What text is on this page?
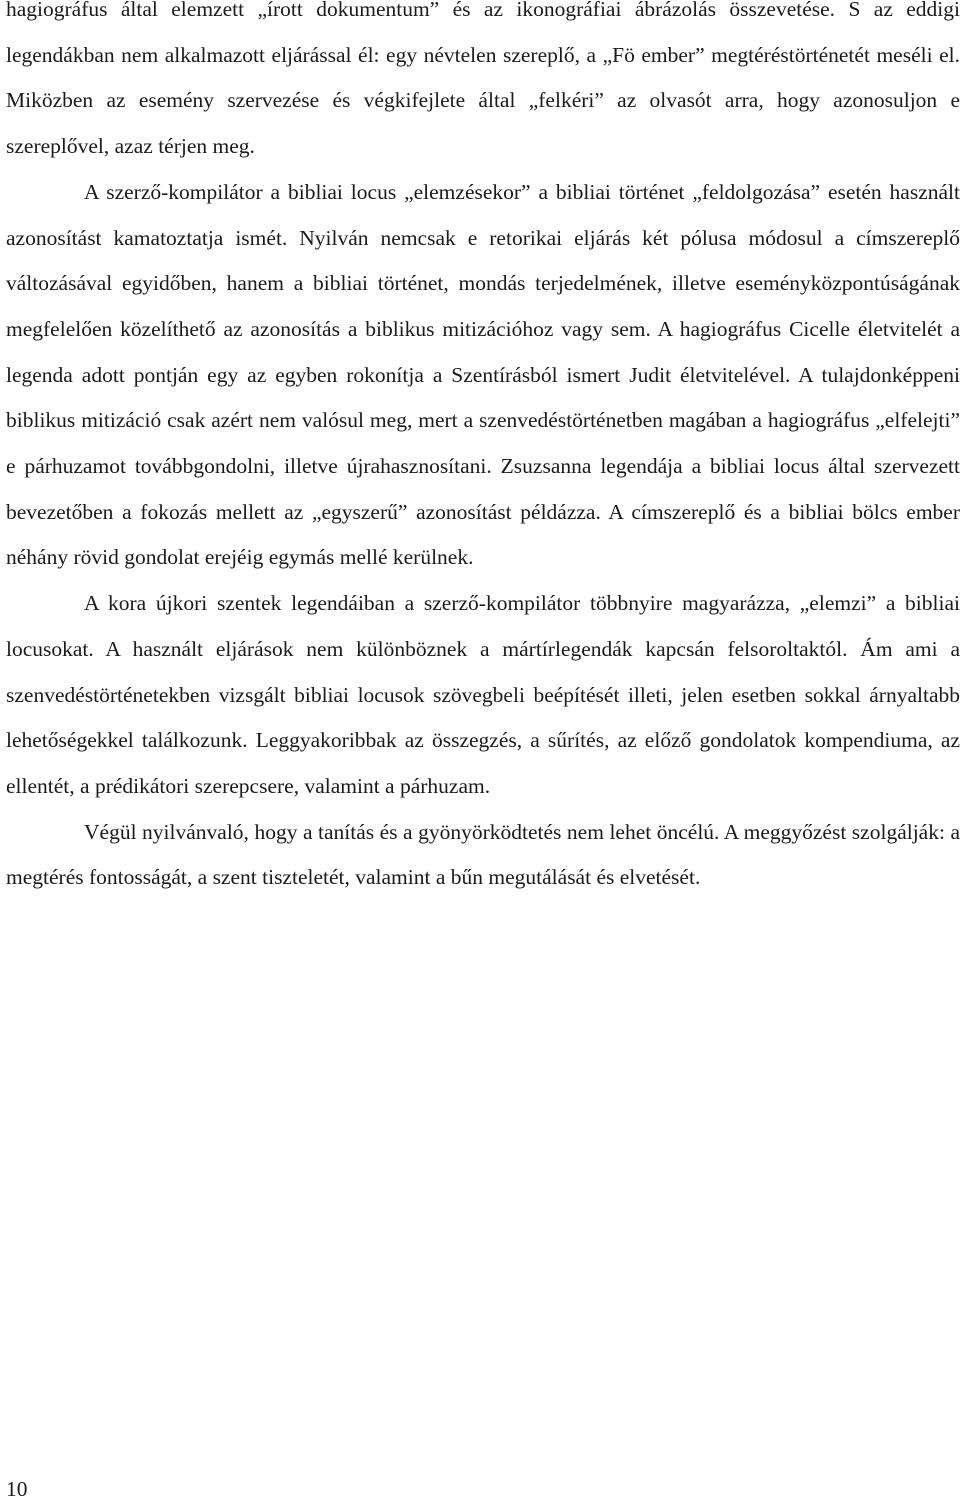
hagiográfus által elemzett „írott dokumentum” és az ikonográfiai ábrázolás összevetése. S az eddigi legendákban nem alkalmazott eljárással él: egy névtelen szereplő, a „Fö ember” megtéréstörténetét meséli el. Miközben az esemény szervezése és végkifejlete által „felkéri” az olvasót arra, hogy azonosuljon e szereplővel, azaz térjen meg.

A szerző-kompilátor a bibliai locus „elemzésekor” a bibliai történet „feldolgozása” esetén használt azonosítást kamatoztatja ismét. Nyilván nemcsak e retorikai eljárás két pólusa módosul a címszereplő változásával egyidőben, hanem a bibliai történet, mondás terjedelmének, illetve eseményközpontúságának megfelelően közelíthető az azonosítás a biblikus mitizációhoz vagy sem. A hagiográfus Cicelle életvitelét a legenda adott pontján egy az egyben rokonítja a Szentírásból ismert Judit életvitelével. A tulajdonképpeni biblikus mitizáció csak azért nem valósul meg, mert a szenvedéstörténetben magában a hagiográfus „elfelejti” e párhuzamot továbbgondolni, illetve újrahasznosítani. Zsuzsanna legendája a bibliai locus által szervezett bevezetőben a fokozás mellett az „egyszerű” azonosítást példázza. A címszereplő és a bibliai bölcs ember néhány rövid gondolat erejéig egymás mellé kerülnek.

A kora újkori szentek legendáiban a szerző-kompilátor többnyire magyarázza, „elemzi” a bibliai locusokat. A használt eljárások nem különböznek a mártírlegendák kapcsán felsoroltaktól. Ám ami a szenvedéstörténetekben vizsgált bibliai locusok szövegbeli beépítését illeti, jelen esetben sokkal árnyaltabb lehetőségekkel találkozunk. Leggyakoribbak az összegzés, a sűrítés, az előző gondolatok kompendiuma, az ellentét, a prédikátori szerepcsere, valamint a párhuzam.

Végül nyilvánvaló, hogy a tanítás és a gyönyörködtetés nem lehet öncélú. A meggyőzést szolgálják: a megtérés fontosságát, a szent tiszteletét, valamint a bűn megutálását és elvetését.

10
